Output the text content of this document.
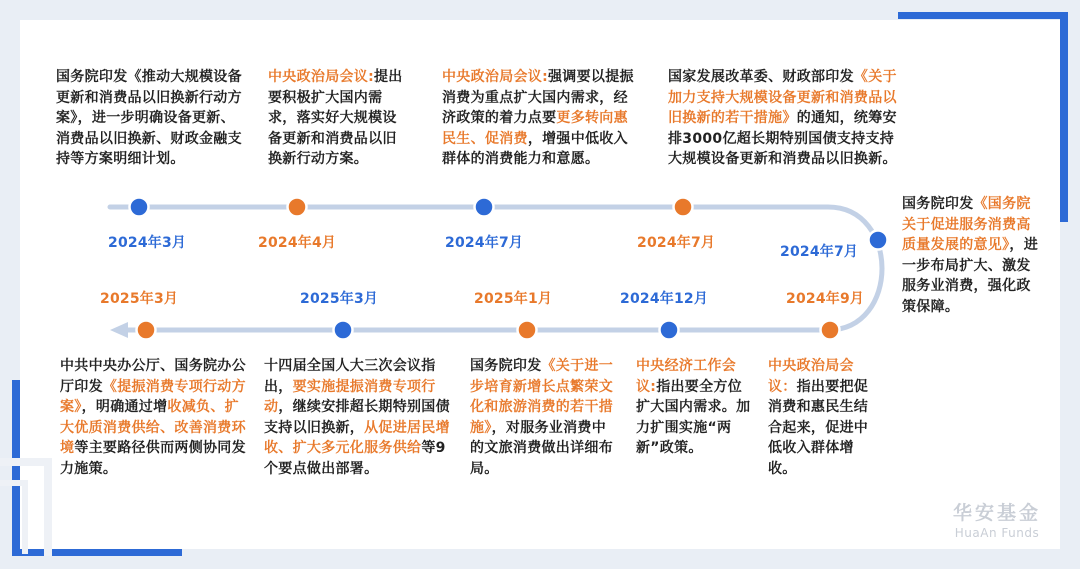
国务院印发《推动大规模设备更新和消费品以旧换新行动方案》，进一步明确设备更新、消费品以旧换新、财政金融支持等方案明细计划。
中央政治局会议:提出要积极扩大国内需求，落实好大规模设备更新和消费品以旧换新行动方案。
中央政治局会议:强调要以提振消费为重点扩大国内需求，经济政策的着力点要更多转向惠民生、促消费，增强中低收入群体的消费能力和意愿。
国家发展改革委、财政部印发《关于加力支持大规模设备更新和消费品以旧换新的若干措施》的通知，统筹安排3000亿超长期特别国债支持支持大规模设备更新和消费品以旧换新。
国务院印发《国务院关于促进服务消费高质量发展的意见》，进一步布局扩大、激发服务业消费，强化政策保障。
中央政治局会议：指出要把促消费和惠民生结合起来，促进中低收入群体增收。
中央经济工作会议:指出要全方位扩大国内需求。加力扩围实施“两新”政策。
国务院印发《关于进一步培育新增长点繁荣文化和旅游消费的若干措施》，对服务业消费中的文旅消费做出详细布局。
十四届全国人大三次会议指出，要实施提振消费专项行动，继续安排超长期特别国债支持以旧换新，从促进居民增收、扩大多元化服务供给等9个要点做出部署。
中共中央办公厅、国务院办公厅印发《提振消费专项行动方案》，明确通过增收减负、扩大优质消费供给、改善消费环境等主要路径供而两侧协同发力施策。
2024年3月	2024年4月	2024年7月	2024年7月
2024年7月
2024年9月
2024年12月
2025年1月
2025年3月
2025年3月
华安基金
HuaAn Funds
